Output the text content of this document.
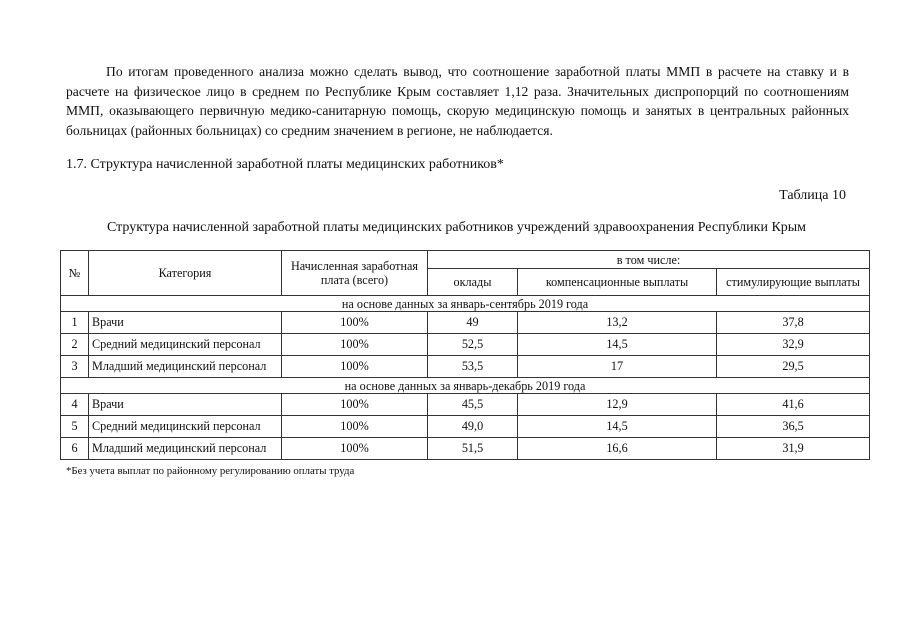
По итогам проведенного анализа можно сделать вывод, что соотношение заработной платы ММП в расчете на ставку и в расчете на физическое лицо в среднем по Республике Крым составляет 1,12 раза. Значительных диспропорций по соотношениям ММП, оказывающего первичную медико-санитарную помощь, скорую медицинскую помощь и занятых в центральных районных больницах (районных больницах) со средним значением в регионе, не наблюдается.

1.7. Структура начисленной заработной платы медицинских работников*

Таблица 10

Структура начисленной заработной платы медицинских работников учреждений здравоохранения Республики Крым

№	Категория	Начисленная заработная плата (всего)	в том числе:		
			оклады	компенсационные выплаты	стимулирующие выплаты
на основе данных за январь-сентябрь 2019 года					
1	Врачи	100%	49	13,2	37,8
2	Средний медицинский персонал	100%	52,5	14,5	32,9
3	Младший медицинский персонал	100%	53,5	17	29,5
на основе данных за январь-декабрь 2019 года					
4	Врачи	100%	45,5	12,9	41,6
5	Средний медицинский персонал	100%	49,0	14,5	36,5
6	Младший медицинский персонал	100%	51,5	16,6	31,9

*Без учета выплат по районному регулированию оплаты труда
